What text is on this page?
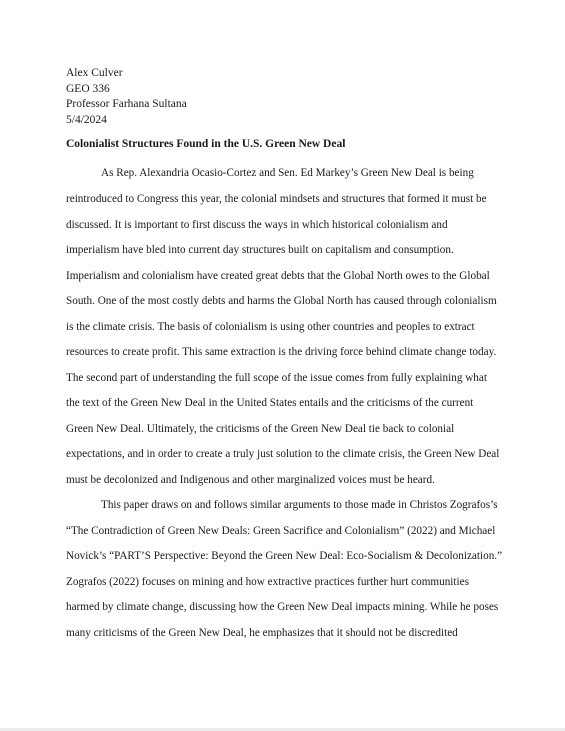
Alex Culver
GEO 336
Professor Farhana Sultana
5/4/2024
Colonialist Structures Found in the U.S. Green New Deal
As Rep. Alexandria Ocasio-Cortez and Sen. Ed Markey’s Green New Deal is being
reintroduced to Congress this year, the colonial mindsets and structures that formed it must be
discussed. It is important to first discuss the ways in which historical colonialism and
imperialism have bled into current day structures built on capitalism and consumption.
Imperialism and colonialism have created great debts that the Global North owes to the Global
South. One of the most costly debts and harms the Global North has caused through colonialism
is the climate crisis. The basis of colonialism is using other countries and peoples to extract
resources to create profit. This same extraction is the driving force behind climate change today.
The second part of understanding the full scope of the issue comes from fully explaining what
the text of the Green New Deal in the United States entails and the criticisms of the current
Green New Deal. Ultimately, the criticisms of the Green New Deal tie back to colonial
expectations, and in order to create a truly just solution to the climate crisis, the Green New Deal
must be decolonized and Indigenous and other marginalized voices must be heard.
This paper draws on and follows similar arguments to those made in Christos Zografos’s
“The Contradiction of Green New Deals: Green Sacrifice and Colonialism” (2022) and Michael
Novick’s “PART’S Perspective: Beyond the Green New Deal: Eco-Socialism & Decolonization.”
Zografos (2022) focuses on mining and how extractive practices further hurt communities
harmed by climate change, discussing how the Green New Deal impacts mining. While he poses
many criticisms of the Green New Deal, he emphasizes that it should not be discredited
